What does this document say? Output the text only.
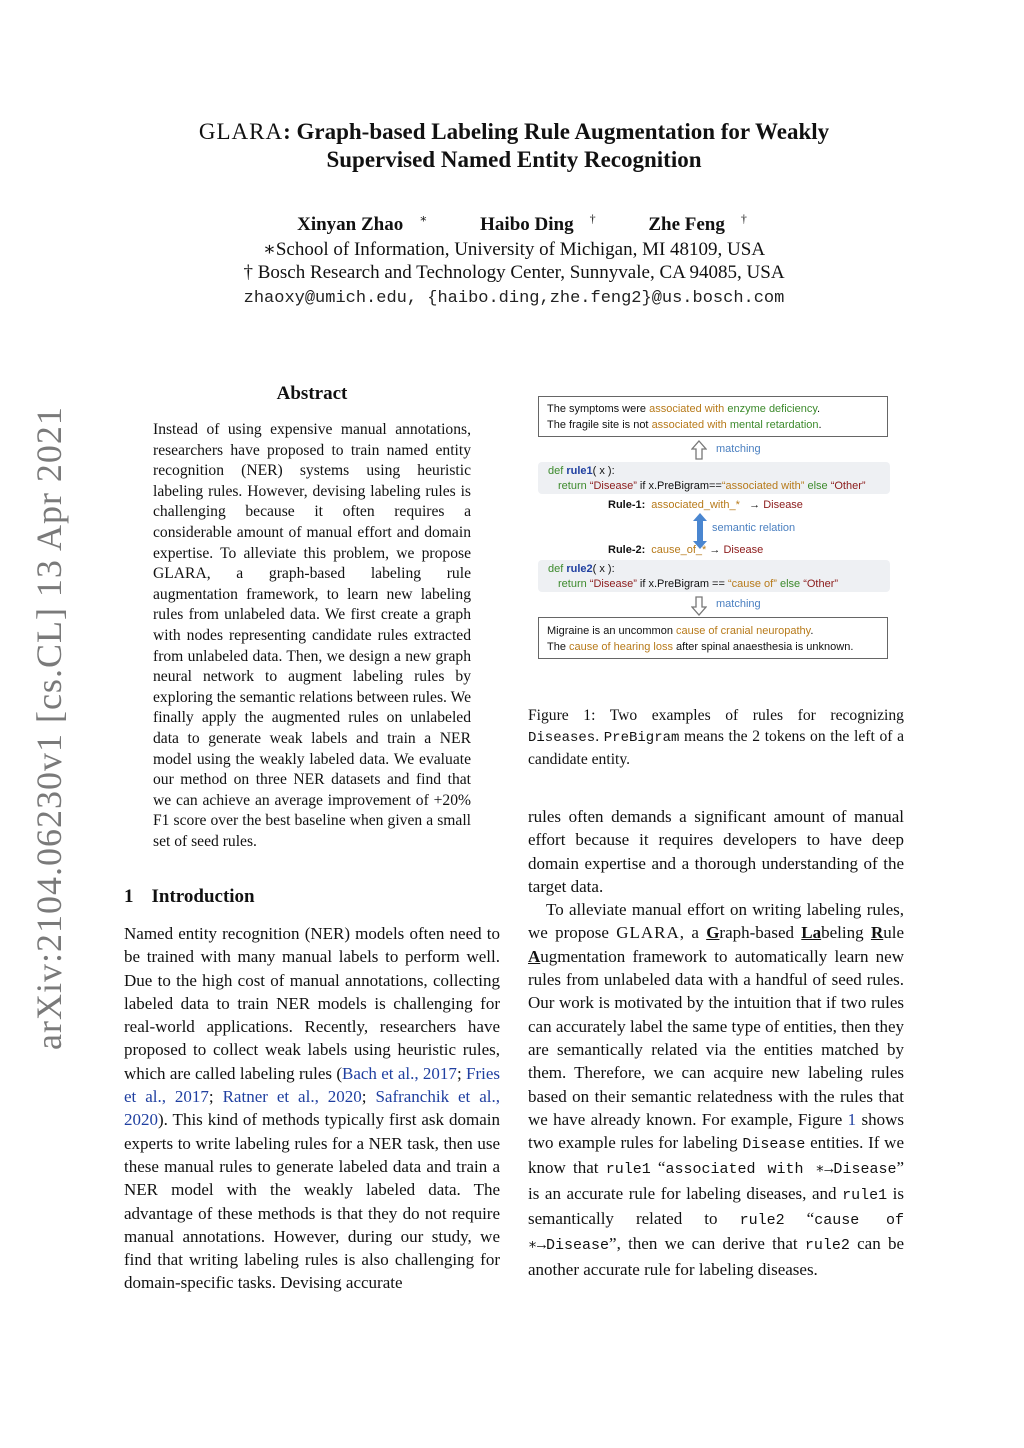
arXiv:2104.06230v1 [cs.CL] 13 Apr 2021
GLARA: Graph-based Labeling Rule Augmentation for Weakly
Supervised Named Entity Recognition
Xinyan Zhao ∗	Haibo Ding †	Zhe Feng †
∗School of Information, University of Michigan, MI 48109, USA
† Bosch Research and Technology Center, Sunnyvale, CA 94085, USA
zhaoxy@umich.edu, {haibo.ding,zhe.feng2}@us.bosch.com
Abstract
Instead of using expensive manual annotations, researchers have proposed to train named entity recognition (NER) systems using heuristic labeling rules. However, devising labeling rules is challenging because it often requires a considerable amount of manual effort and domain expertise. To alleviate this problem, we propose GLARA, a graph-based labeling rule augmentation framework, to learn new labeling rules from unlabeled data. We first create a graph with nodes representing candidate rules extracted from unlabeled data. Then, we design a new graph neural network to augment labeling rules by exploring the semantic relations between rules. We finally apply the augmented rules on unlabeled data to generate weak labels and train a NER model using the weakly labeled data. We evaluate our method on three NER datasets and find that we can achieve an average improvement of +20% F1 score over the best baseline when given a small set of seed rules.
1 Introduction
Named entity recognition (NER) models often need to be trained with many manual labels to perform well. Due to the high cost of manual annotations, collecting labeled data to train NER models is challenging for real-world applications. Recently, researchers have proposed to collect weak labels using heuristic rules, which are called labeling rules (Bach et al., 2017; Fries et al., 2017; Ratner et al., 2020; Safranchik et al., 2020). This kind of methods typically first ask domain experts to write labeling rules for a NER task, then use these manual rules to generate labeled data and train a NER model with the weakly labeled data. The advantage of these methods is that they do not require manual annotations. However, during our study, we find that writing labeling rules is also challenging for domain-specific tasks. Devising accurate
The symptoms were associated with enzyme deficiency.
The fragile site is not associated with mental retardation.
matching
def rule1( x ):
return “Disease” if x.PreBigram==“associated with” else “Other”
Rule-1: associated_with_* → Disease
semantic relation
Rule-2: cause_of_* → Disease
def rule2( x ):
return “Disease” if x.PreBigram == “cause of” else “Other”
matching
Migraine is an uncommon cause of cranial neuropathy.
The cause of hearing loss after spinal anaesthesia is unknown.
Figure 1: Two examples of rules for recognizing Diseases. PreBigram means the 2 tokens on the left of a candidate entity.

rules often demands a significant amount of manual effort because it requires developers to have deep domain expertise and a thorough understanding of the target data.

To alleviate manual effort on writing labeling rules, we propose GLARA, a Graph-based Labeling Rule Augmentation framework to automatically learn new rules from unlabeled data with a handful of seed rules. Our work is motivated by the intuition that if two rules can accurately label the same type of entities, then they are semantically related via the entities matched by them. Therefore, we can acquire new labeling rules based on their semantic relatedness with the rules that we have already known. For example, Figure 1 shows two example rules for labeling Disease entities. If we know that rule1 “associated with ∗→Disease” is an accurate rule for labeling diseases, and rule1 is semantically related to rule2 “cause of ∗→Disease”, then we can derive that rule2 can be another accurate rule for labeling diseases.
